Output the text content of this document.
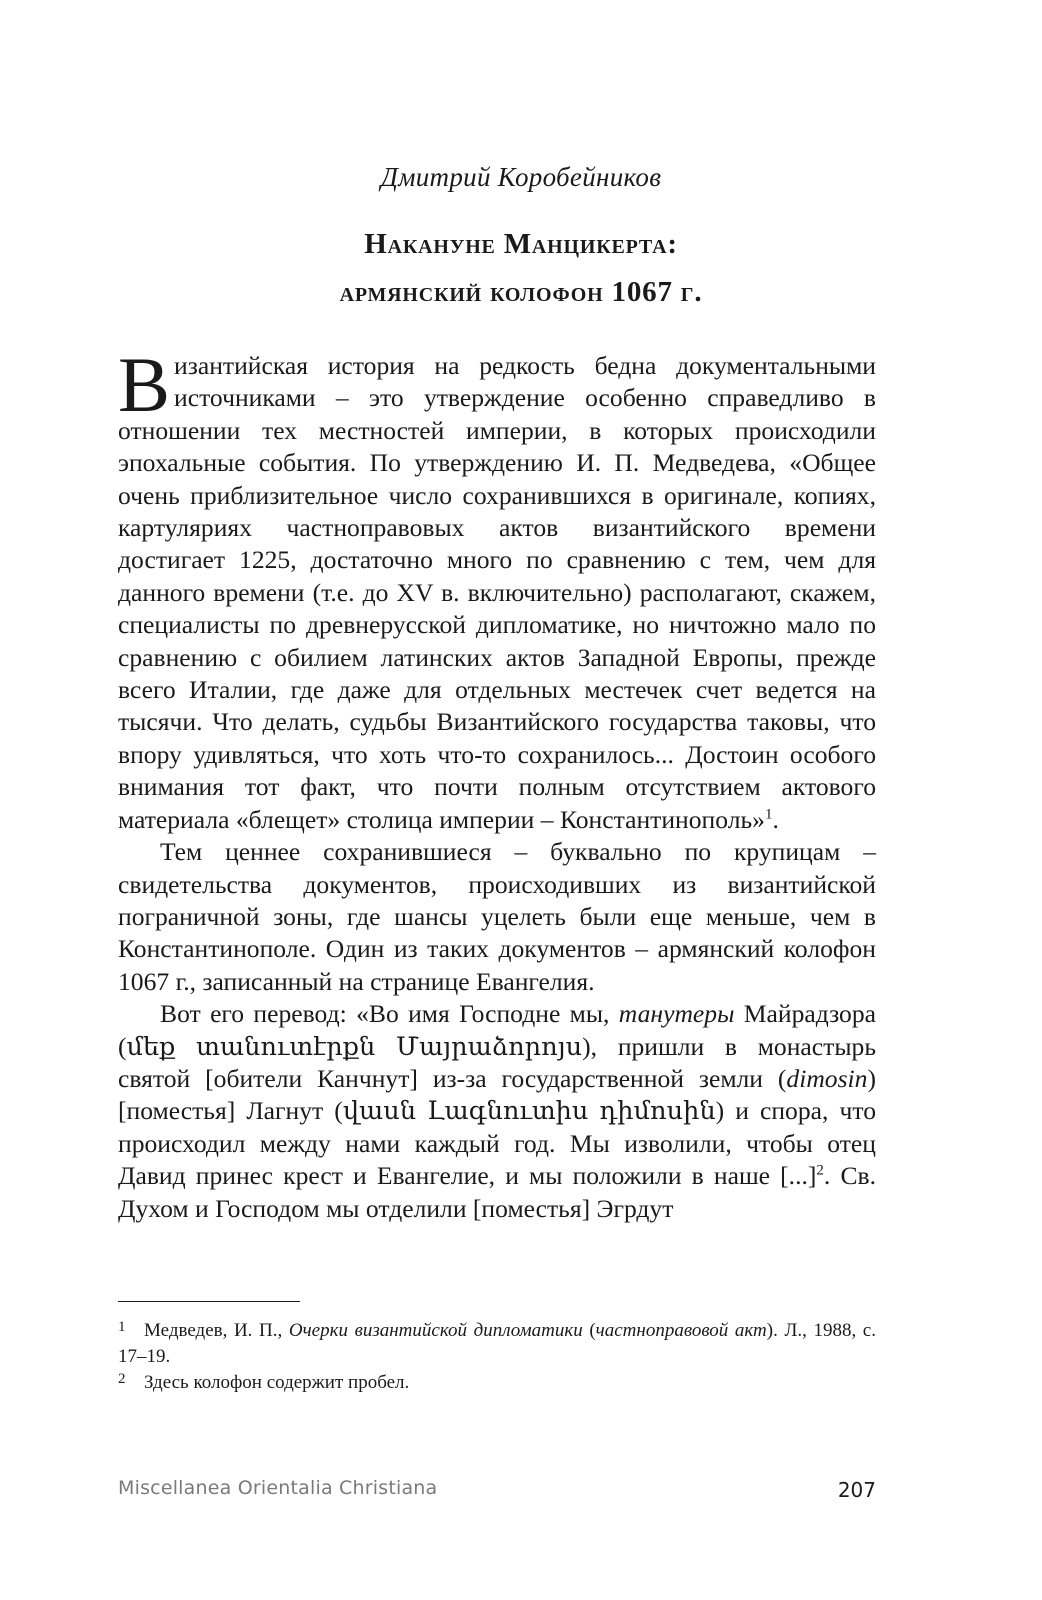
Дмитрий Коробейников
Накануне Манцикерта:
армянский колофон 1067 г.

Византийская история на редкость бедна документальными источниками – это утверждение особенно справедливо в отношении тех местностей империи, в которых происходили эпохальные события. По утверждению И. П. Медведева, «Общее очень приблизительное число сохранившихся в оригинале, копиях, картуляриях частноправовых актов византийского времени достигает 1225, достаточно много по сравнению с тем, чем для данного времени (т.е. до XV в. включительно) располагают, скажем, специалисты по древнерусской дипломатике, но ничтожно мало по сравнению с обилием латинских актов Западной Европы, прежде всего Италии, где даже для отдельных местечек счет ведется на тысячи. Что делать, судьбы Византийского государства таковы, что впору удивляться, что хоть что-то сохранилось... Достоин особого внимания тот факт, что почти полным отсутствием актового материала «блещет» столица империи – Константинополь»$^1$.

Тем ценнее сохранившиеся – буквально по крупицам – свидетельства документов, происходивших из византийской пограничной зоны, где шансы уцелеть были еще меньше, чем в Константинополе. Один из таких документов – армянский колофон 1067 г., записанный на странице Евангелия.

Вот его перевод: «Во имя Господне мы, танутеры Майрадзора (մեք տանուտէրքն Մայրաձորոյս), пришли в монастырь святой [обители Канчнут] из-за государственной земли (dimosin) [поместья] Лагнут (վասն Լագնուտիս դիմոսին) и спора, что происходил между нами каждый год. Мы изволили, чтобы отец Давид принес крест и Евангелие, и мы положили в наше [...]$^2$. Св. Духом и Господом мы отделили [поместья] Эгрдут

1 Медведев, И. П., Очерки византийской дипломатики (частноправовой акт). Л., 1988, с. 17–19.

2 Здесь колофон содержит пробел.

Miscellanea Orientalia Christiana	207
